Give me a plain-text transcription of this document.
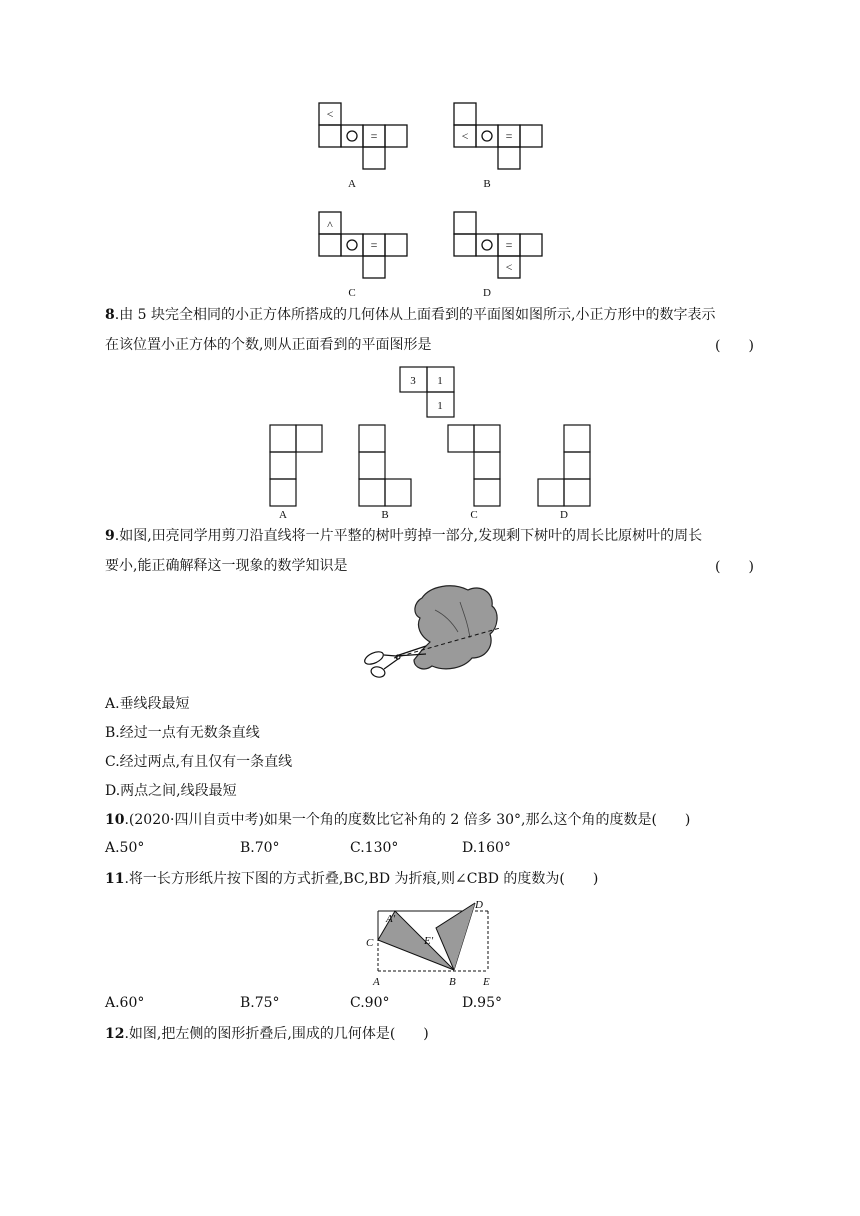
<
=	<	=
^
=	=
<
A	B
C	D
8.由 5 块完全相同的小正方体所搭成的几何体从上面看到的平面图如图所示,小正方形中的数字表示
在该位置小正方体的个数,则从正面看到的平面图形是	(　　)
3 1
1
A	B	C	D
9.如图,田亮同学用剪刀沿直线将一片平整的树叶剪掉一部分,发现剩下树叶的周长比原树叶的周长
要小,能正确解释这一现象的数学知识是	(　　)
A.垂线段最短
B.经过一点有无数条直线
C.经过两点,有且仅有一条直线
D.两点之间,线段最短
10.(2020·四川自贡中考)如果一个角的度数比它补角的 2 倍多 30°,那么这个角的度数是(　　)
A.50°	B.70°	C.130°	D.160°
11.将一长方形纸片按下图的方式折叠,BC,BD 为折痕,则∠CBD 的度数为(　　)
A′
C	E′
D
A	B E
A.60°	B.75°	C.90°	D.95°
12.如图,把左侧的图形折叠后,围成的几何体是(　　)
